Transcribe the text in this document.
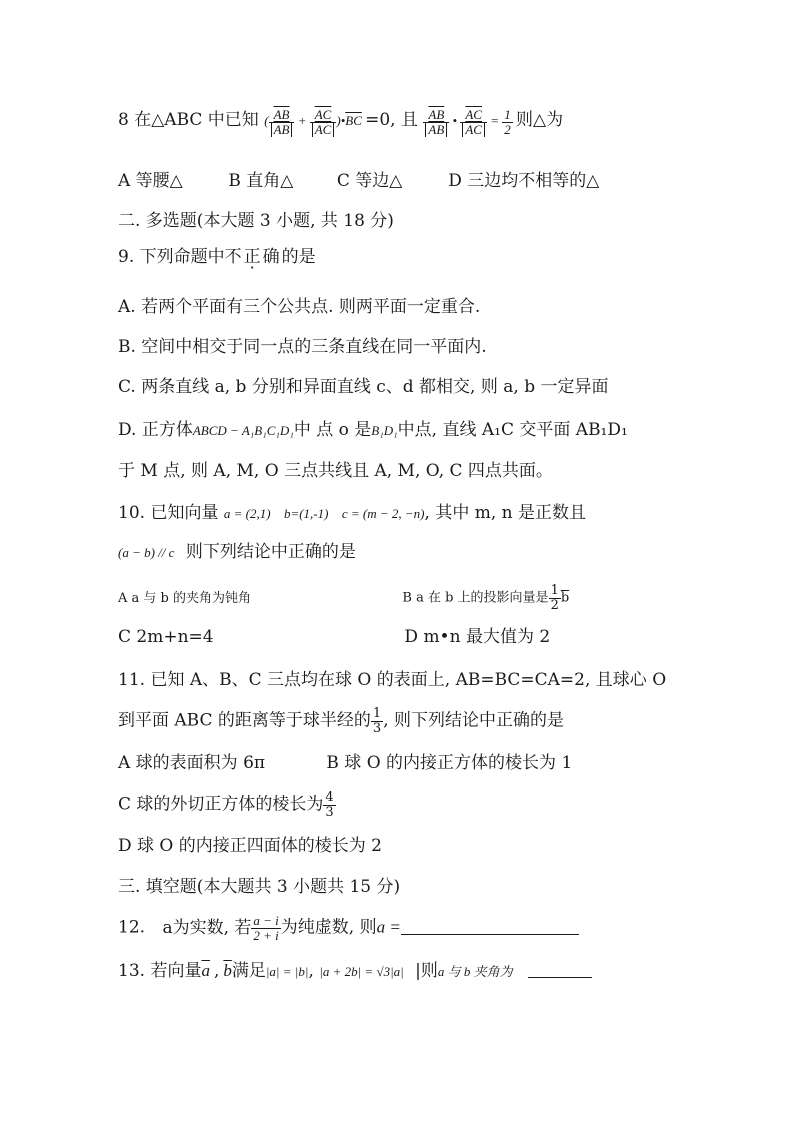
8 在△ABC 中已知 ( $\frac{\overline{AB}}{AB} + \frac{\overline{AC}}{AC}$ )$•\overline{BC} =0$, 且 $\frac{\overline{AB}}{AB}$ • $\frac{\overline{AC}}{AC} = \frac{1}{2}$ 则△为
A 等腰△	B 直角△	C 等边△	D 三边均不相等的△
二. 多选题(本大题 3 小题, 共 18 分)
9. 下列命题中不正确的是
A. 若两个平面有三个公共点. 则两平面一定重合.
B. 空间中相交于同一点的三条直线在同一平面内.
C. 两条直线 a, b 分别和异面直线 c、d 都相交, 则 a, b 一定异面
D. 正方体ABCD − A₁B₁C₁D₁中 点 o 是B₁D₁中点, 直线 A₁C 交平面 AB₁D₁
于 M 点, 则 A, M, O 三点共线且 A, M, O, C 四点共面。
10. 已知向量 a = (2,1) b=(1,-1) c = (m − 2, −n), 其中 m, n 是正数且
(a − b) // c 则下列结论中正确的是
A a 与 b 的夹角为钝角	B a 在 b 上的投影向量是 $\frac{1}{2} \overline{b}$
C 2m+n=4	D m•n 最大值为 2
11. 已知 A、B、C 三点均在球 O 的表面上, AB=BC=CA=2, 且球心 O
到平面 ABC 的距离等于球半经的 $\frac{1}{3}$ , 则下列结论中正确的是
A 球的表面积为 6π	B 球 O 的内接正方体的棱长为 1
C 球的外切正方体的棱长为 $\frac{4}{3}$
D 球 O 的内接正四面体的棱长为 2
三. 填空题(本大题共 3 小题共 15 分)
12. a为实数, 若 $\frac{a - i}{2 + i}$ 为纯虚数, 则a =
13. 若向量$\overline{a}$ , $\overline{b}$满足|a| = |b|, |a + 2b| = √3|a| |则a 与 b 夹角为
